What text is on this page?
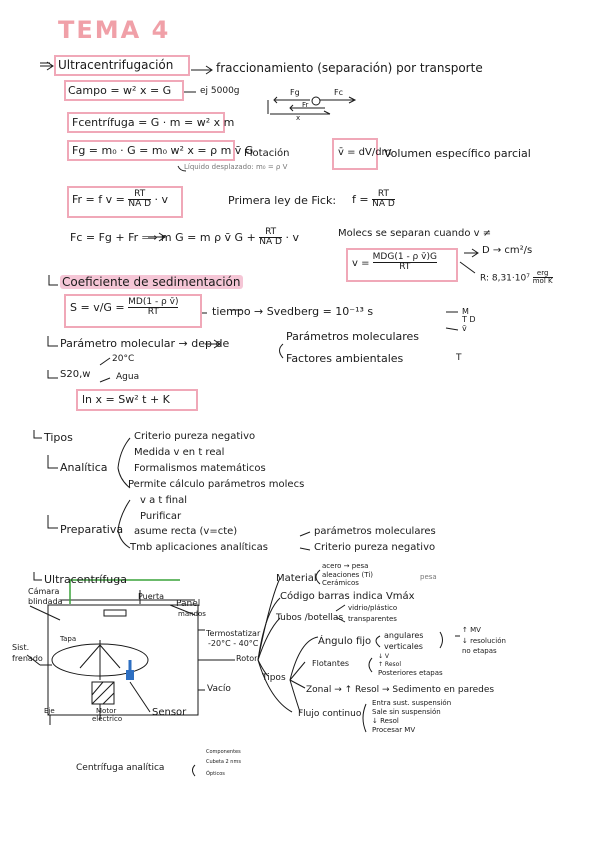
TEMA 4
Ultracentrifugación	fraccionamiento (separación) por transporte
Campo = w² x = G	ej 5000g	Fg	Fc
Fr
x
Fcentrífuga = G · m = w² x m
Fg = m₀ · G = m₀ w² x = ρ m v̄ G
Flotación
Líquido desplazado: m₀ = ρ V
v̄ = dV/dm
Volumen específico parcial
Fr = f $v = \frac{RT}{\text{NA D}} \cdot v$	Primera ley de Fick: $f = \frac{RT}{\text{NA D}}$
Fc = Fg + Fr ⟹ m G = m ρ v̄ $G + \frac{RT}{\text{NA D}} \cdot v$	Molecs se separan cuando v ≠
$v = \frac{\text{MDG(1 - ρ v̄)G}}{RT}$
D → cm²/s
R: $8,31\cdot 10^7 \frac{\text{erg}}{\text{mol K}}$
Coeficiente de sedimentación
$S = v/G = \frac{\text{MD(1 - ρ v̄)}}{RT}$	tiempo → Svedberg = 10⁻¹³ s
Parámetro molecular → dep de
Parámetros moleculares
Factores ambientales
M T D v̄
T
20°C
S20,w	Agua
ln x = Sw² t + K
Tipos
Analítica
Criterio pureza negativo
Medida v en t real
Formalismos matemáticos
Permite cálculo parámetros molecs
Preparativa
v a t final
Purificar
asume recta (v=cte)
Tmb aplicaciones analíticas
parámetros moleculares
Criterio pureza negativo
Ultracentrífuga
Cámara
blindada
Puerta
Panel
mandos
Sist.
frenado
Tapa
Termostatizar
-20°C - 40°C
Rotor
Vacío
Sensor
Eje	Motor
eléctrico
Material
acero → pesa
aleaciones (Ti)
Cerámicos
pesa
Código barras indica Vmáx
Tubos /botellas
vidrio/plástico
transparentes
Ángulo fijo
angulares
verticales
↑ MV
↓ resolución
no etapas
Flotantes
↓ V
↑ Resol
Posteriores etapas
Tipos
Zonal → ↑ Resol → Sedimento en paredes
Flujo continuo
Entra sust. suspensión
Sale sin suspensión
↓ Resol
Procesar MV
Centrífuga analítica
Componentes
Cubeta 2 nms
Ópticos
